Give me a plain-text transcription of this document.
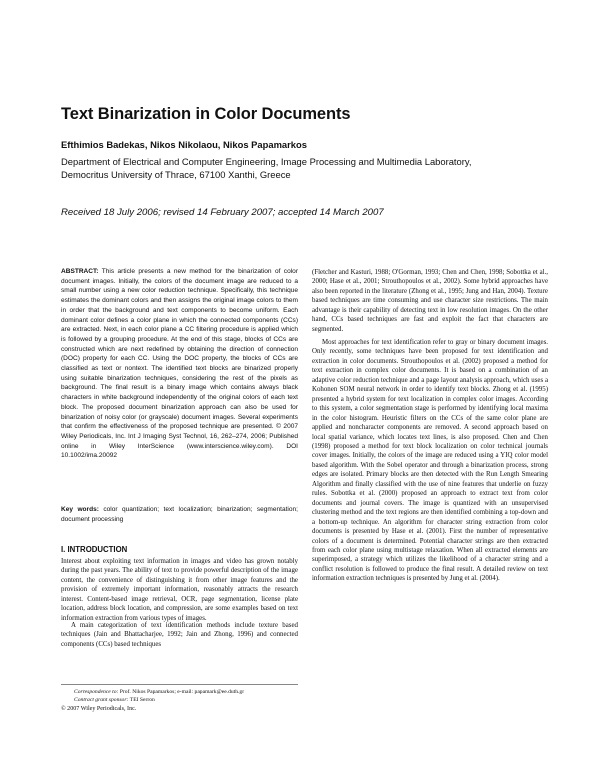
Text Binarization in Color Documents

Efthimios Badekas, Nikos Nikolaou, Nikos Papamarkos

Department of Electrical and Computer Engineering, Image Processing and Multimedia Laboratory, Democritus University of Thrace, 67100 Xanthi, Greece

Received 18 July 2006; revised 14 February 2007; accepted 14 March 2007

ABSTRACT: This article presents a new method for the binarization of color document images. Initially, the colors of the document image are reduced to a small number using a new color reduction technique. Specifically, this technique estimates the dominant colors and then assigns the original image colors to them in order that the background and text components to become uniform. Each dominant color defines a color plane in which the connected components (CCs) are extracted. Next, in each color plane a CC filtering procedure is applied which is followed by a grouping procedure. At the end of this stage, blocks of CCs are constructed which are next redefined by obtaining the direction of connection (DOC) property for each CC. Using the DOC property, the blocks of CCs are classified as text or nontext. The identified text blocks are binarized properly using suitable binarization techniques, considering the rest of the pixels as background. The final result is a binary image which contains always black characters in white background independently of the original colors of each text block. The proposed document binarization approach can also be used for binarization of noisy color (or grayscale) document images. Several experiments that confirm the effectiveness of the proposed technique are presented. © 2007 Wiley Periodicals, Inc. Int J Imaging Syst Technol, 16, 262–274, 2006; Published online in Wiley InterScience (www.interscience.wiley.com). DOI 10.1002/ima.20092

Key words: color quantization; text localization; binarization; segmentation; document processing

I. INTRODUCTION

Interest about exploiting text information in images and video has grown notably during the past years. The ability of text to provide powerful description of the image content, the convenience of distinguishing it from other image features and the provision of extremely important information, reasonably attracts the research interest. Content-based image retrieval, OCR, page segmentation, license plate location, address block location, and compression, are some examples based on text information extraction from various types of images.

A main categorization of text identification methods include texture based techniques (Jain and Bhattacharjee, 1992; Jain and Zhong, 1996) and connected components (CCs) based techniques

Correspondence to: Prof. Nikos Papamarkos; e-mail: papamark@ee.duth.gr
Contract grant sponsor: TEI Serron

© 2007 Wiley Periodicals, Inc.

(Fletcher and Kasturi, 1988; O'Gorman, 1993; Chen and Chen, 1998; Sobottka et al., 2000; Hase et al., 2001; Strouthopoulos et al., 2002). Some hybrid approaches have also been reported in the literature (Zhong et al., 1995; Jung and Han, 2004). Texture based techniques are time consuming and use character size restrictions. The main advantage is their capability of detecting text in low resolution images. On the other hand, CCs based techniques are fast and exploit the fact that characters are segmented.

Most approaches for text identification refer to gray or binary document images. Only recently, some techniques have been proposed for text identification and extraction in color documents. Strouthopoulos et al. (2002) proposed a method for text extraction in complex color documents. It is based on a combination of an adaptive color reduction technique and a page layout analysis approach, which uses a Kohonen SOM neural network in order to identify text blocks. Zhong et al. (1995) presented a hybrid system for text localization in complex color images. According to this system, a color segmentation stage is performed by identifying local maxima in the color histogram. Heuristic filters on the CCs of the same color plane are applied and noncharacter components are removed. A second approach based on local spatial variance, which locates text lines, is also proposed. Chen and Chen (1998) proposed a method for text block localization on color technical journals cover images. Initially, the colors of the image are reduced using a YIQ color model based algorithm. With the Sobel operator and through a binarization process, strong edges are isolated. Primary blocks are then detected with the Run Length Smearing Algorithm and finally classified with the use of nine features that underlie on fuzzy rules. Sobottka et al. (2000) proposed an approach to extract text from color documents and journal covers. The image is quantized with an unsupervised clustering method and the text regions are then identified combining a top-down and a bottom-up technique. An algorithm for character string extraction from color documents is presented by Hase et al. (2001). First the number of representative colors of a document is determined. Potential character strings are then extracted from each color plane using multistage relaxation. When all extracted elements are superimposed, a strategy which utilizes the likelihood of a character string and a conflict resolution is followed to produce the final result. A detailed review on text information extraction techniques is presented by Jung et al. (2004).
